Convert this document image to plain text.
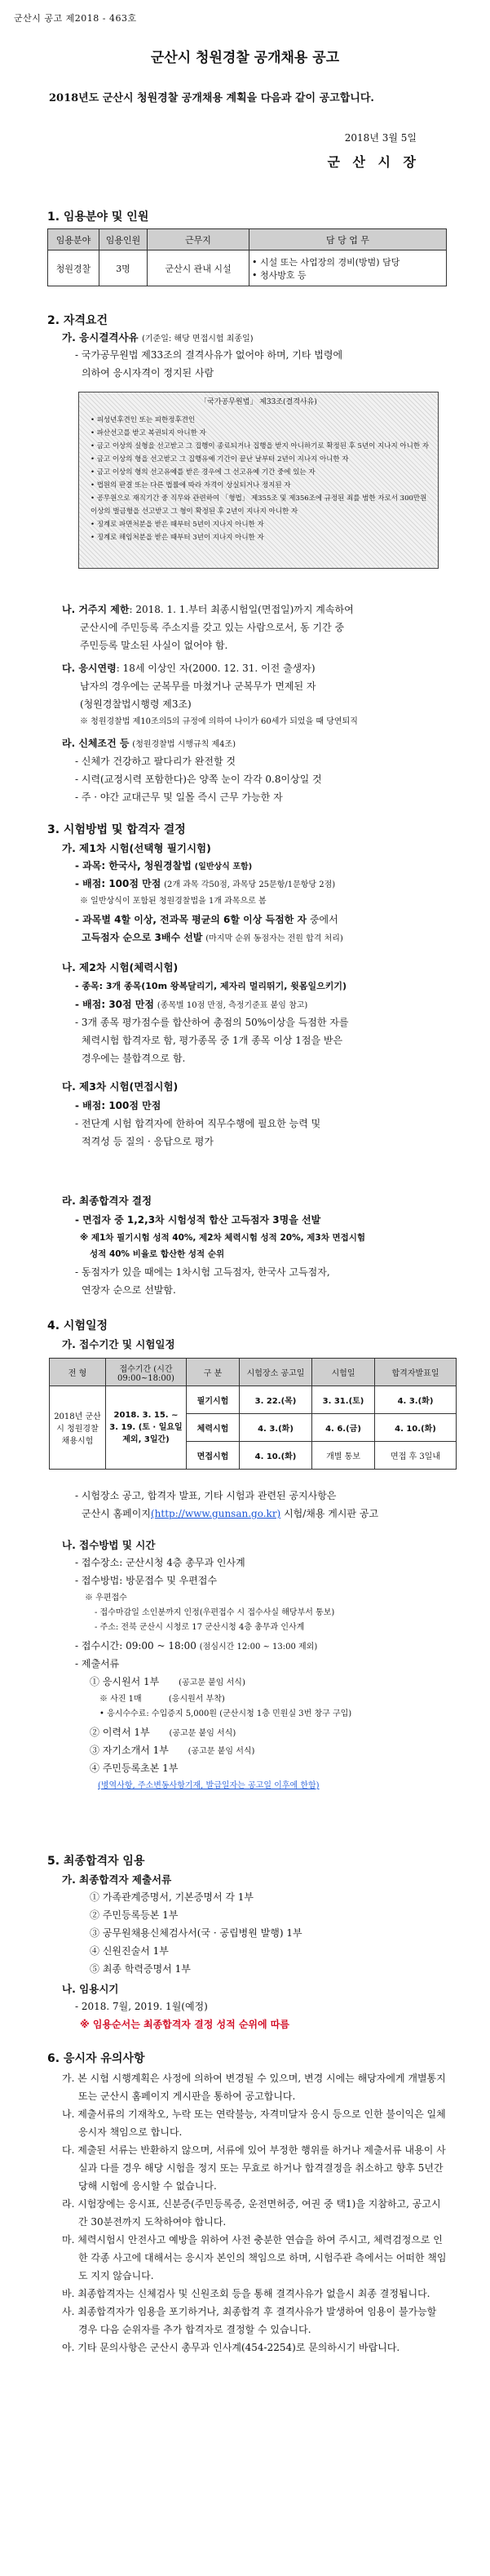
군산시 공고 제2018 - 463호
군산시 청원경찰 공개채용 공고
2018년도 군산시 청원경찰 공개채용 계획을 다음과 같이 공고합니다.
2018년 3월 5일
군 산 시 장
1. 임용분야 및 인원
임용분야	임용인원	근무지	담 당 업 무
청원경찰	3명	군산시 관내 시설	• 시설 또는 사업장의 경비(방범) 담당
• 청사방호 등
2. 자격요건
가. 응시결격사유 (기준일: 해당 면접시험 최종일)
- 국가공무원법 제33조의 결격사유가 없어야 하며, 기타 법령에
의하여 응시자격이 정지된 사람
「국가공무원법」 제33조(결격사유)
• 피성년후견인 또는 피한정후견인
• 파산선고를 받고 복권되지 아니한 자
• 금고 이상의 실형을 선고받고 그 집행이 종료되거나 집행을 받지 아니하기로 확정된 후 5년이 지나지 아니한 자
• 금고 이상의 형을 선고받고 그 집행유예 기간이 끝난 날부터 2년이 지나지 아니한 자
• 금고 이상의 형의 선고유예를 받은 경우에 그 선고유예 기간 중에 있는 자
• 법원의 판결 또는 다른 법률에 따라 자격이 상실되거나 정지된 자
• 공무원으로 재직기간 중 직무와 관련하여 「형법」 제355조 및 제356조에 규정된 죄를 범한 자로서 300만원 이상의 벌금형을 선고받고 그 형이 확정된 후 2년이 지나지 아니한 자
• 징계로 파면처분을 받은 때부터 5년이 지나지 아니한 자
• 징계로 해임처분을 받은 때부터 3년이 지나지 아니한 자
나. 거주지 제한: 2018. 1. 1.부터 최종시험일(면접일)까지 계속하여
군산시에 주민등록 주소지를 갖고 있는 사람으로서, 동 기간 중
주민등록 말소된 사실이 없어야 함.
다. 응시연령: 18세 이상인 자(2000. 12. 31. 이전 출생자)
남자의 경우에는 군복무를 마쳤거나 군복무가 면제된 자
(청원경찰법시행령 제3조)
※ 청원경찰법 제10조의5의 규정에 의하여 나이가 60세가 되었을 때 당연퇴직
라. 신체조건 등 (청원경찰법 시행규칙 제4조)
- 신체가 건강하고 팔다리가 완전할 것
- 시력(교정시력 포함한다)은 양쪽 눈이 각각 0.8이상일 것
- 주 · 야간 교대근무 및 일몰 즉시 근무 가능한 자
3. 시험방법 및 합격자 결정
가. 제1차 시험(선택형 필기시험)
- 과목: 한국사, 청원경찰법 (일반상식 포함)
- 배점: 100점 만점 (2개 과목 각50점, 과목당 25문항/1문항당 2점)
※ 일반상식이 포함된 청원경찰법을 1개 과목으로 봄
- 과목별 4할 이상, 전과목 평균의 6할 이상 득점한 자 중에서
고득점자 순으로 3배수 선발 (마지막 순위 동점자는 전원 합격 처리)
나. 제2차 시험(체력시험)
- 종목: 3개 종목(10m 왕복달리기, 제자리 멀리뛰기, 윗몸일으키기)
- 배점: 30점 만점 (종목별 10점 만점, 측정기준표 붙임 참고)
- 3개 종목 평가점수를 합산하여 총점의 50%이상을 득점한 자를
체력시험 합격자로 함, 평가종목 중 1개 종목 이상 1점을 받은
경우에는 불합격으로 함.
다. 제3차 시험(면접시험)
- 배점: 100점 만점
- 전단계 시험 합격자에 한하여 직무수행에 필요한 능력 및
적격성 등 질의 · 응답으로 평가
라. 최종합격자 결정
- 면접자 중 1,2,3차 시험성적 합산 고득점자 3명을 선발
※ 제1차 필기시험 성적 40%, 제2차 체력시험 성적 20%, 제3차 면접시험
성적 40% 비율로 합산한 성적 순위
- 동점자가 있을 때에는 1차시험 고득점자, 한국사 고득점자,
연장자 순으로 선발함.
4. 시험일정
가. 접수기간 및 시험일정
전 형	접수기간 (시간 09:00~18:00)	구 분	시험장소 공고일	시험일	합격자발표일
2018년 군산시 청원경찰 채용시험	2018. 3. 15. ~ 3. 19. (토 · 일요일 제외, 3일간)	필기시험	3. 22.(목)	3. 31.(토)	4. 3.(화)
		체력시험	4. 3.(화)	4. 6.(금)	4. 10.(화)
		면접시험	4. 10.(화)	개별 통보	면접 후 3일내
- 시험장소 공고, 합격자 발표, 기타 시험과 관련된 공지사항은
군산시 홈페이지(http://www.gunsan.go.kr) 시험/채용 게시판 공고
나. 접수방법 및 시간
- 접수장소: 군산시청 4층 총무과 인사계
- 접수방법: 방문접수 및 우편접수
※ 우편접수
- 접수마감일 소인분까지 인정(우편접수 시 접수사실 해당부서 통보)
- 주소: 전북 군산시 시청로 17 군산시청 4층 총무과 인사계
- 접수시간: 09:00 ~ 18:00 (점심시간 12:00 ~ 13:00 제외)
- 제출서류
① 응시원서 1부 (공고문 붙임 서식)
※ 사진 1매	(응시원서 부착)
• 응시수수료: 수입증지 5,000원 (군산시청 1층 민원실 3번 창구 구입)
② 이력서 1부 (공고문 붙임 서식)
③ 자기소개서 1부 (공고문 붙임 서식)
④ 주민등록초본 1부
(병역사항, 주소변동사항기재, 발급일자는 공고일 이후에 한함)
5. 최종합격자 임용
가. 최종합격자 제출서류
① 가족관계증명서, 기본증명서 각 1부
② 주민등록등본 1부
③ 공무원채용신체검사서(국 · 공립병원 발행) 1부
④ 신원진술서 1부
⑤ 최종 학력증명서 1부
나. 임용시기
- 2018. 7월, 2019. 1월(예정)
※ 임용순서는 최종합격자 결정 성적 순위에 따름
6. 응시자 유의사항
가. 본 시험 시행계획은 사정에 의하여 변경될 수 있으며, 변경 시에는 해당자에게 개별통지 또는 군산시 홈페이지 게시판을 통하여 공고합니다.
나. 제출서류의 기재착오, 누락 또는 연락불능, 자격미달자 응시 등으로 인한 불이익은 일체 응시자 책임으로 합니다.
다. 제출된 서류는 반환하지 않으며, 서류에 있어 부정한 행위를 하거나 제출서류 내용이 사실과 다를 경우 해당 시험을 정지 또는 무효로 하거나 합격결정을 취소하고 향후 5년간 당해 시험에 응시할 수 없습니다.
라. 시험장에는 응시표, 신분증(주민등록증, 운전면허증, 여권 중 택1)을 지참하고, 공고시간 30분전까지 도착하여야 합니다.
마. 체력시험시 안전사고 예방을 위하여 사전 충분한 연습을 하여 주시고, 체력검정으로 인한 각종 사고에 대해서는 응시자 본인의 책임으로 하며, 시험주관 측에서는 어떠한 책임도 지지 않습니다.
바. 최종합격자는 신체검사 및 신원조회 등을 통해 결격사유가 없을시 최종 결정됩니다.
사. 최종합격자가 임용을 포기하거나, 최종합격 후 결격사유가 발생하여 임용이 불가능할 경우 다음 순위자를 추가 합격자로 결정할 수 있습니다.
아. 기타 문의사항은 군산시 총무과 인사계(454-2254)로 문의하시기 바랍니다.
